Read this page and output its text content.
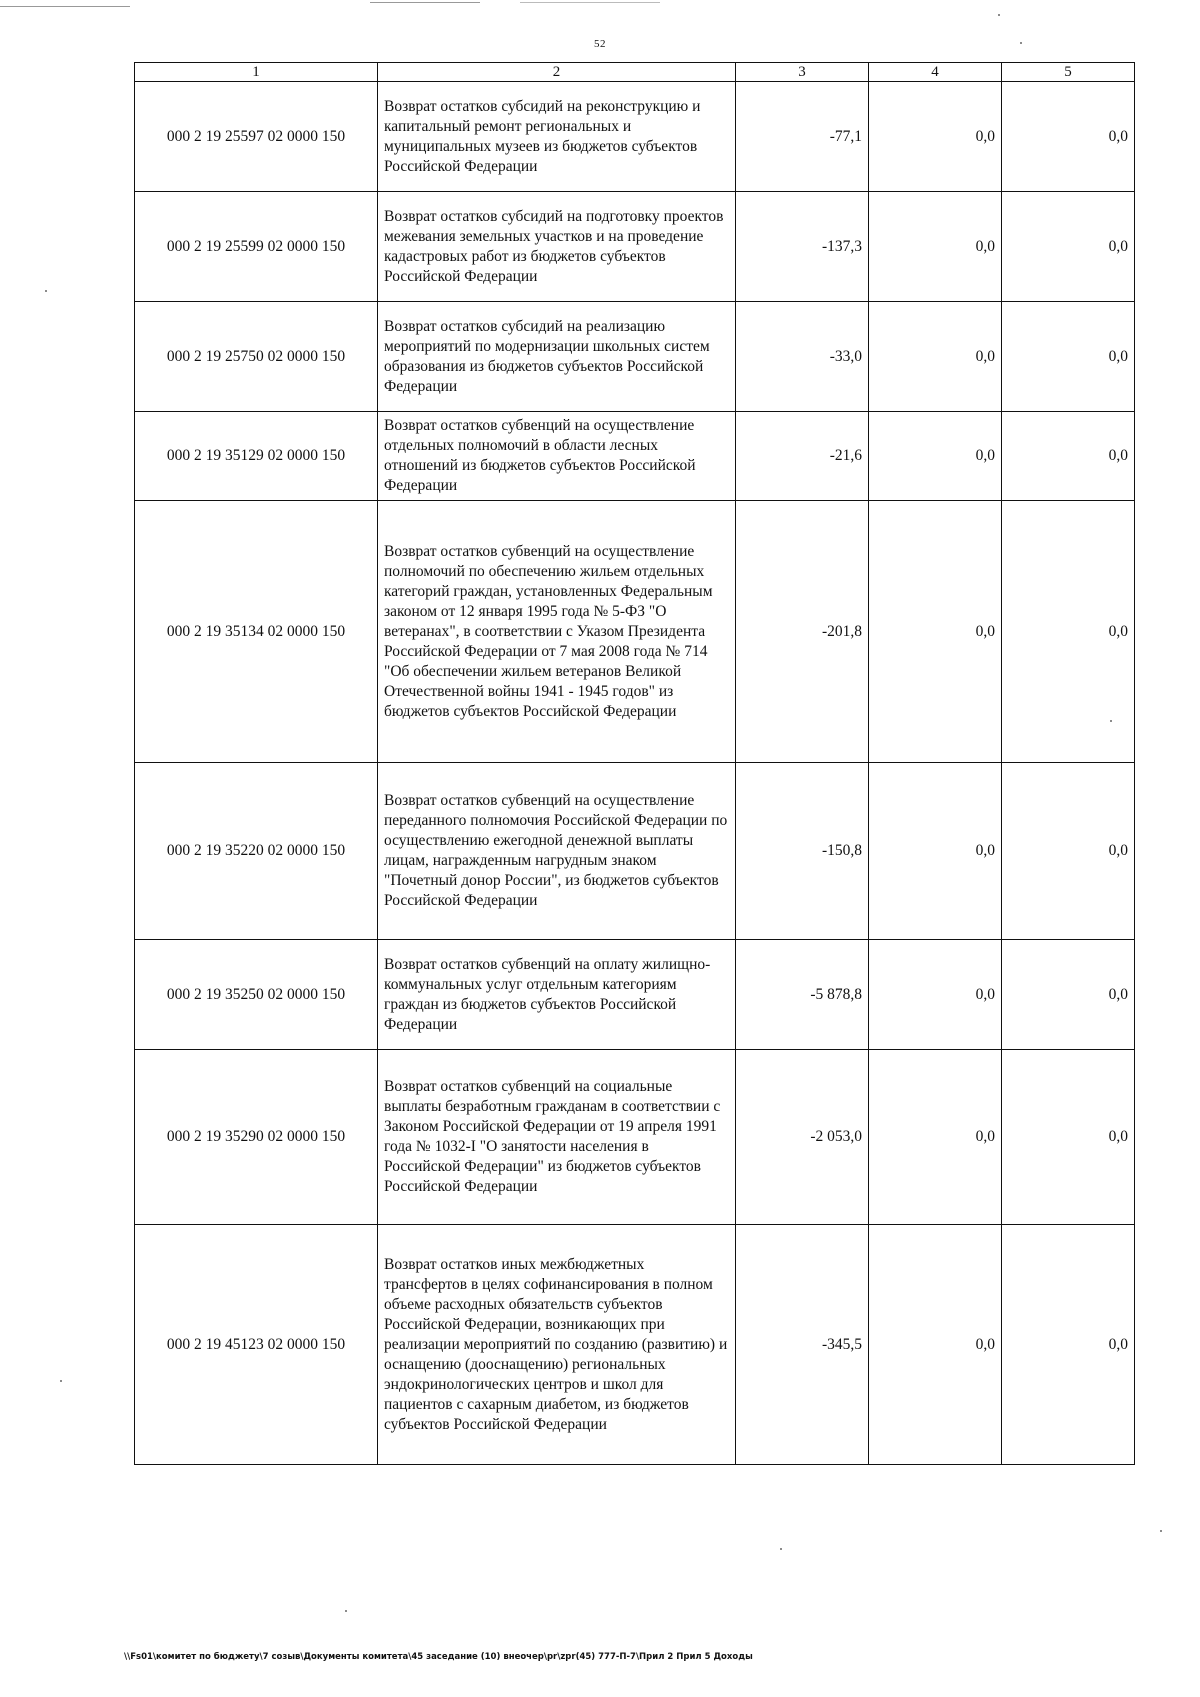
52
1	2	3	4	5
000 2 19 25597 02 0000 150	Возврат остатков субсидий на реконструкцию и капитальный ремонт региональных и муниципальных музеев из бюджетов субъектов Российской Федерации	-77,1	0,0	0,0
000 2 19 25599 02 0000 150	Возврат остатков субсидий на подготовку проектов межевания земельных участков и на проведение кадастровых работ из бюджетов субъектов Российской Федерации	-137,3	0,0	0,0
000 2 19 25750 02 0000 150	Возврат остатков субсидий на реализацию мероприятий по модернизации школьных систем образования из бюджетов субъектов Российской Федерации	-33,0	0,0	0,0
000 2 19 35129 02 0000 150	Возврат остатков субвенций на осуществление отдельных полномочий в области лесных отношений из бюджетов субъектов Российской Федерации	-21,6	0,0	0,0
000 2 19 35134 02 0000 150	Возврат остатков субвенций на осуществление полномочий по обеспечению жильем отдельных категорий граждан, установленных Федеральным законом от 12 января 1995 года № 5-ФЗ "О ветеранах", в соответствии с Указом Президента Российской Федерации от 7 мая 2008 года № 714 "Об обеспечении жильем ветеранов Великой Отечественной войны 1941 - 1945 годов" из бюджетов субъектов Российской Федерации	-201,8	0,0	0,0
000 2 19 35220 02 0000 150	Возврат остатков субвенций на осуществление переданного полномочия Российской Федерации по осуществлению ежегодной денежной выплаты лицам, награжденным нагрудным знаком "Почетный донор России", из бюджетов субъектов Российской Федерации	-150,8	0,0	0,0
000 2 19 35250 02 0000 150	Возврат остатков субвенций на оплату жилищно-коммунальных услуг отдельным категориям граждан из бюджетов субъектов Российской Федерации	-5 878,8	0,0	0,0
000 2 19 35290 02 0000 150	Возврат остатков субвенций на социальные выплаты безработным гражданам в соответствии с Законом Российской Федерации от 19 апреля 1991 года № 1032-I "О занятости населения в Российской Федерации" из бюджетов субъектов Российской Федерации	-2 053,0	0,0	0,0
000 2 19 45123 02 0000 150	Возврат остатков иных межбюджетных трансфертов в целях софинансирования в полном объеме расходных обязательств субъектов Российской Федерации, возникающих при реализации мероприятий по созданию (развитию) и оснащению (дооснащению) региональных эндокринологических центров и школ для пациентов с сахарным диабетом, из бюджетов субъектов Российской Федерации	-345,5	0,0	0,0
\\Fs01\комитет по бюджету\7 созыв\Документы комитета\45 заседание (10) внеочер\pr\zpr(45) 777-П-7\Прил 2 Прил 5 Доходы
